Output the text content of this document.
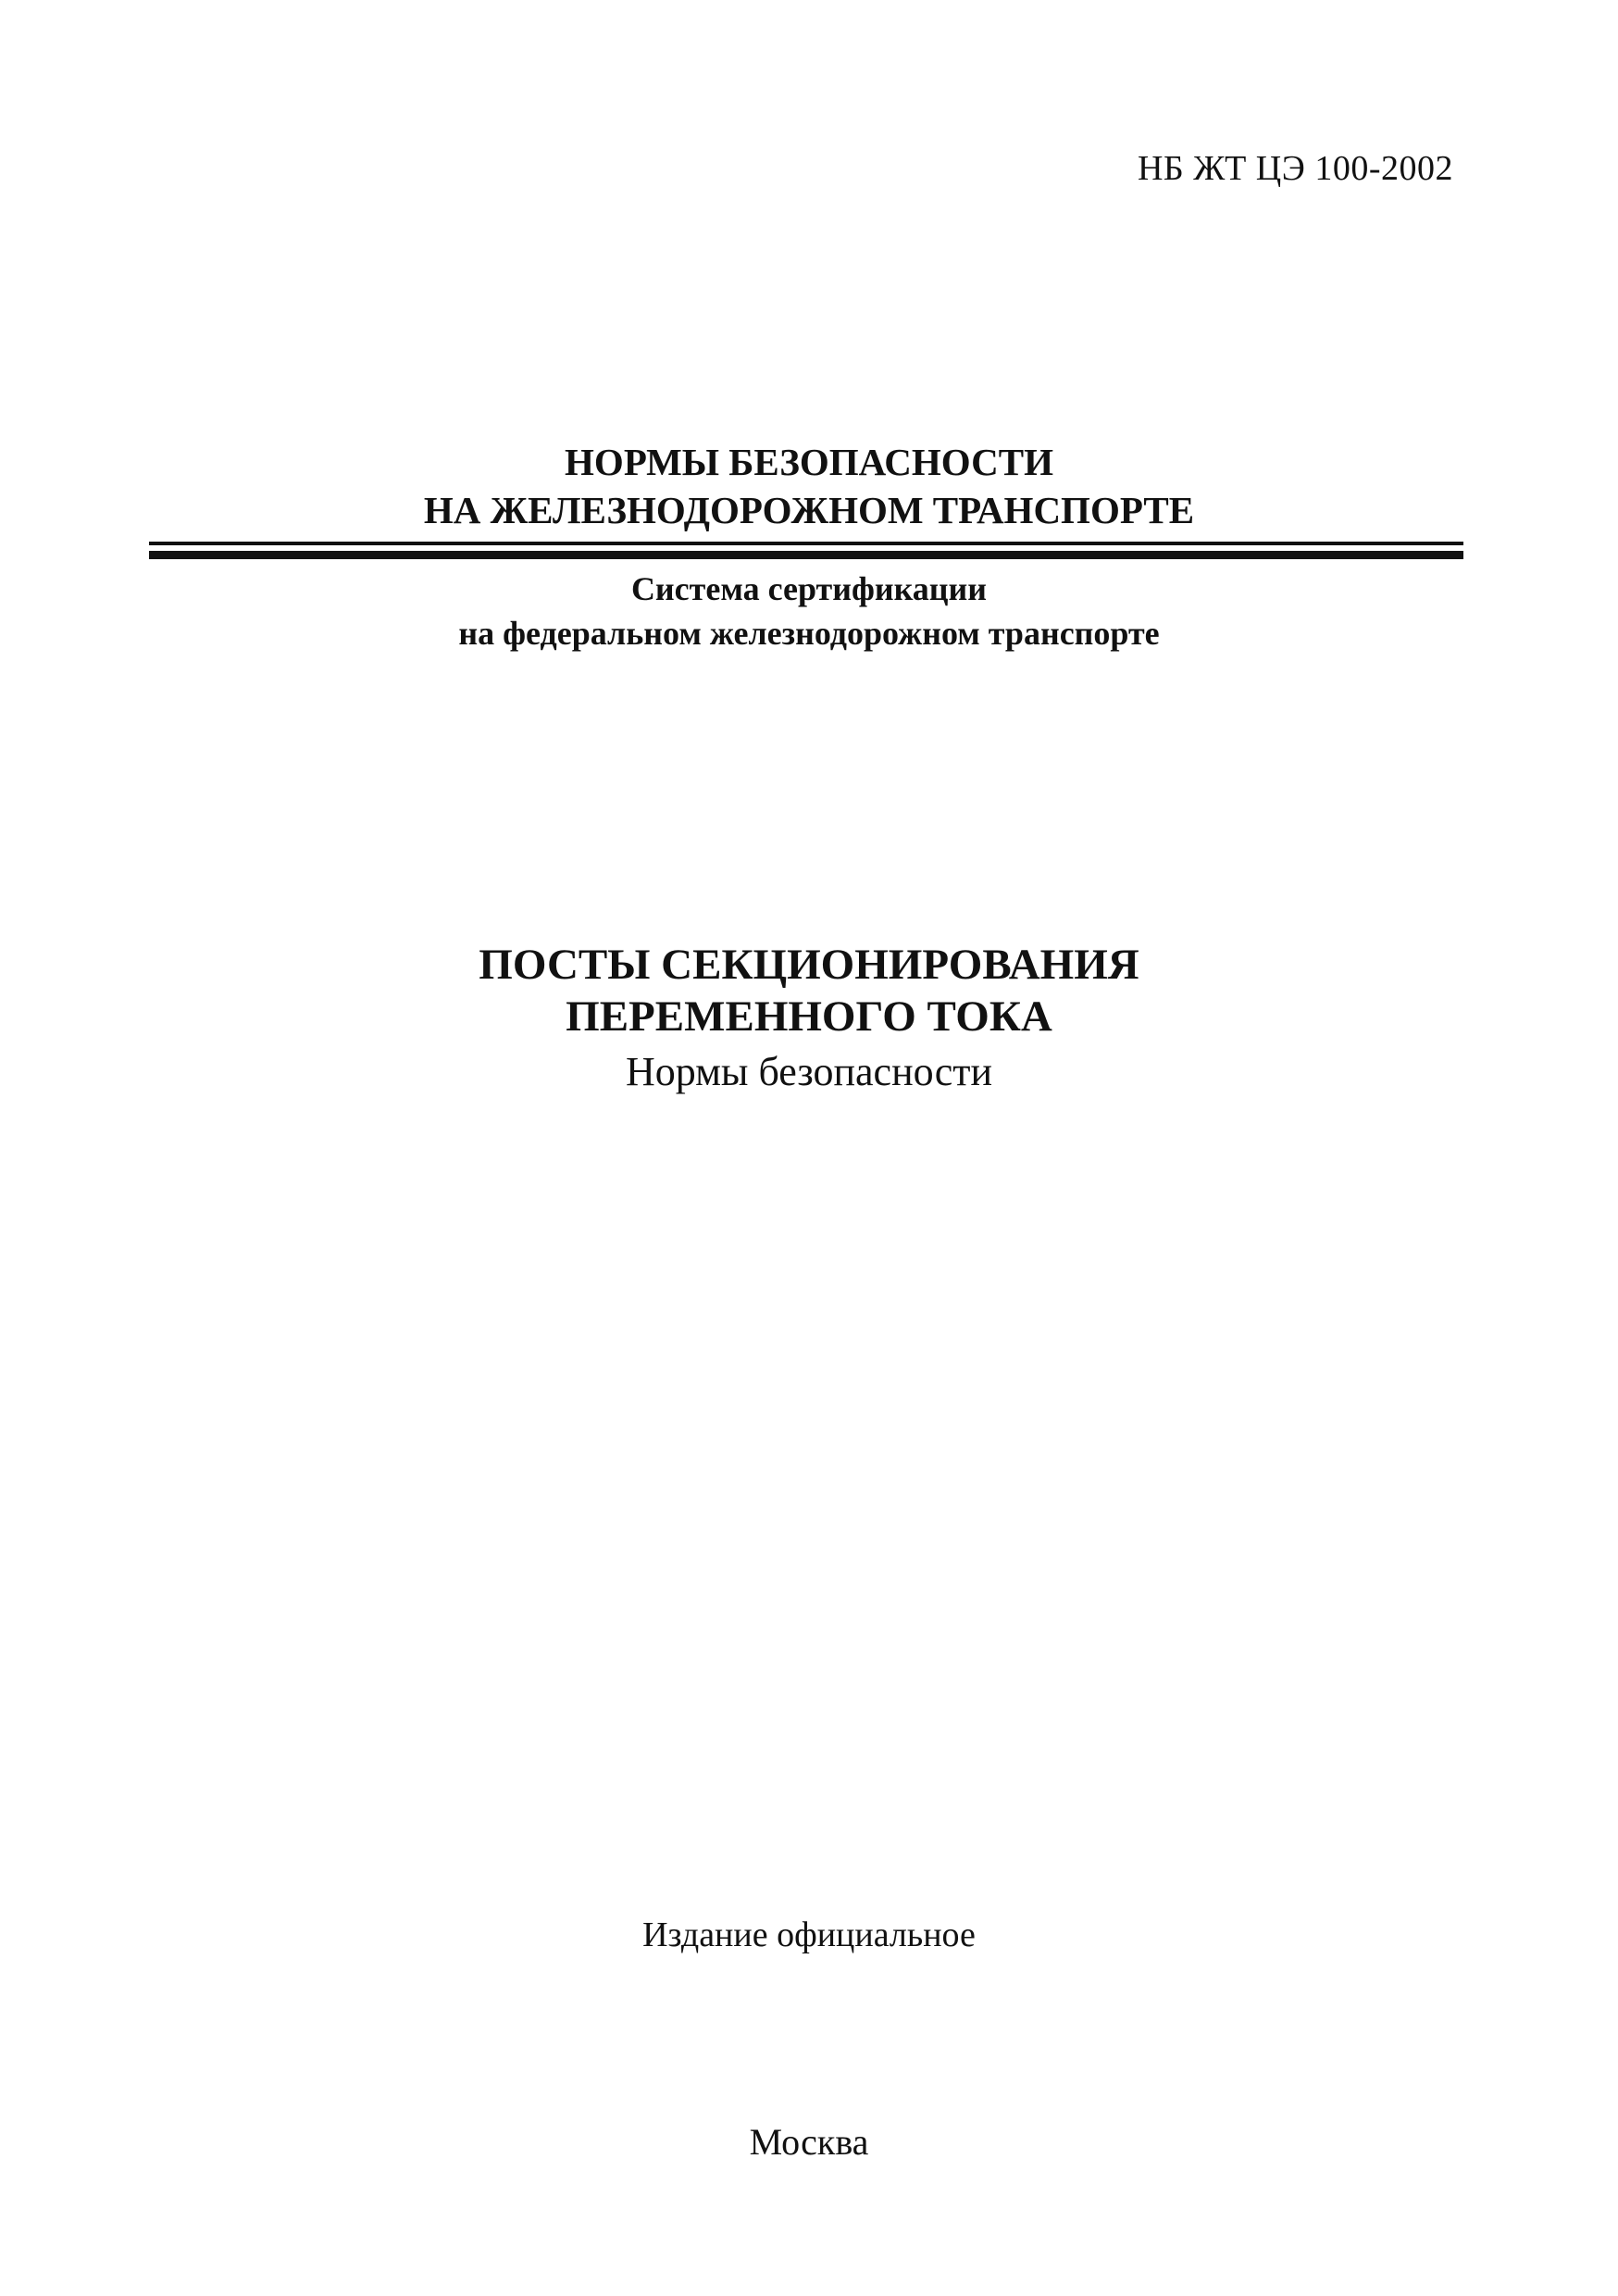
НБ ЖТ ЦЭ 100-2002
НОРМЫ БЕЗОПАСНОСТИ
НА ЖЕЛЕЗНОДОРОЖНОМ ТРАНСПОРТЕ
Система сертификации
на федеральном железнодорожном транспорте
ПОСТЫ СЕКЦИОНИРОВАНИЯ
ПЕРЕМЕННОГО ТОКА
Нормы безопасности
Издание официальное
Москва
